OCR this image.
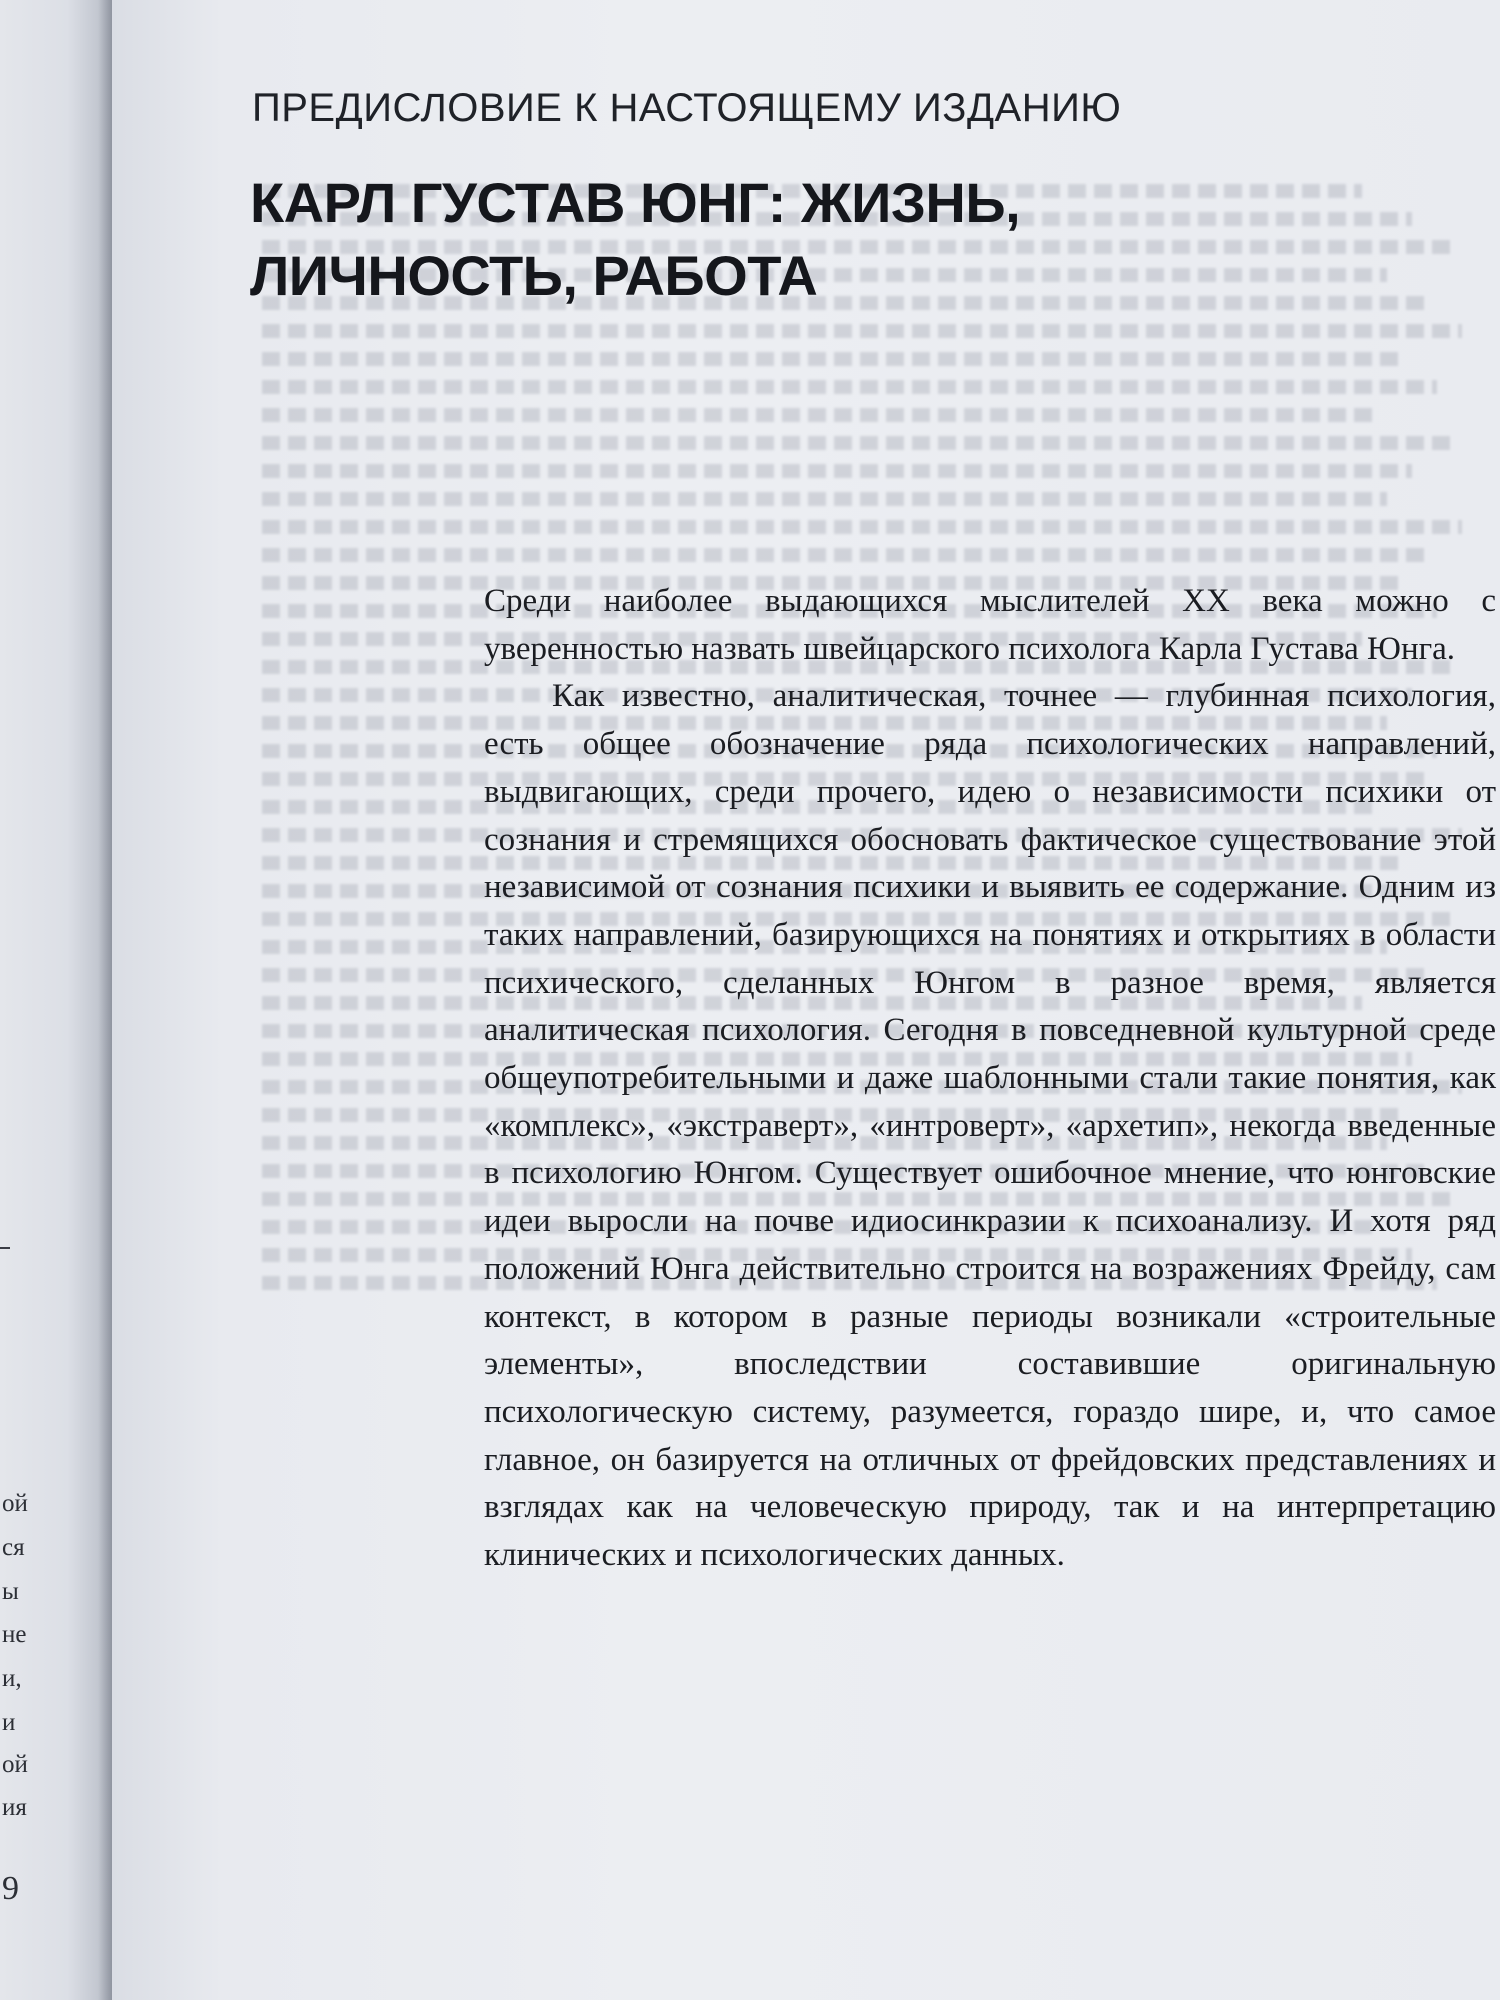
ой
ся
ы
не
и,
и
ой
ия
9
ПРЕДИСЛОВИЕ К НАСТОЯЩЕМУ ИЗДАНИЮ
КАРЛ ГУСТАВ ЮНГ: ЖИЗНЬ, ЛИЧНОСТЬ, РАБОТА

Среди наиболее выдающихся мыслителей XX века можно с уверенностью назвать швейцарского психолога Карла Густава Юнга.

Как известно, аналитическая, точнее — глубинная психология, есть общее обозначение ряда психологических направлений, выдвигающих, среди прочего, идею о независимости психики от сознания и стремящихся обосновать фактическое существование этой независимой от сознания психики и выявить ее содержание. Одним из таких направлений, базирующихся на понятиях и открытиях в области психического, сделанных Юнгом в разное время, является аналитическая психология. Сегодня в повседневной культурной среде общеупотребительными и даже шаблонными стали такие понятия, как «комплекс», «экстраверт», «интроверт», «архетип», некогда введенные в психологию Юнгом. Существует ошибочное мнение, что юнговские идеи выросли на почве идиосинкразии к психоанализу. И хотя ряд положений Юнга действительно строится на возражениях Фрейду, сам контекст, в котором в разные периоды возникали «строительные элементы», впоследствии составившие оригинальную психологическую систему, разумеется, гораздо шире, и, что самое главное, он базируется на отличных от фрейдовских представлениях и взглядах как на человеческую природу, так и на интерпретацию клинических и психологических данных.
